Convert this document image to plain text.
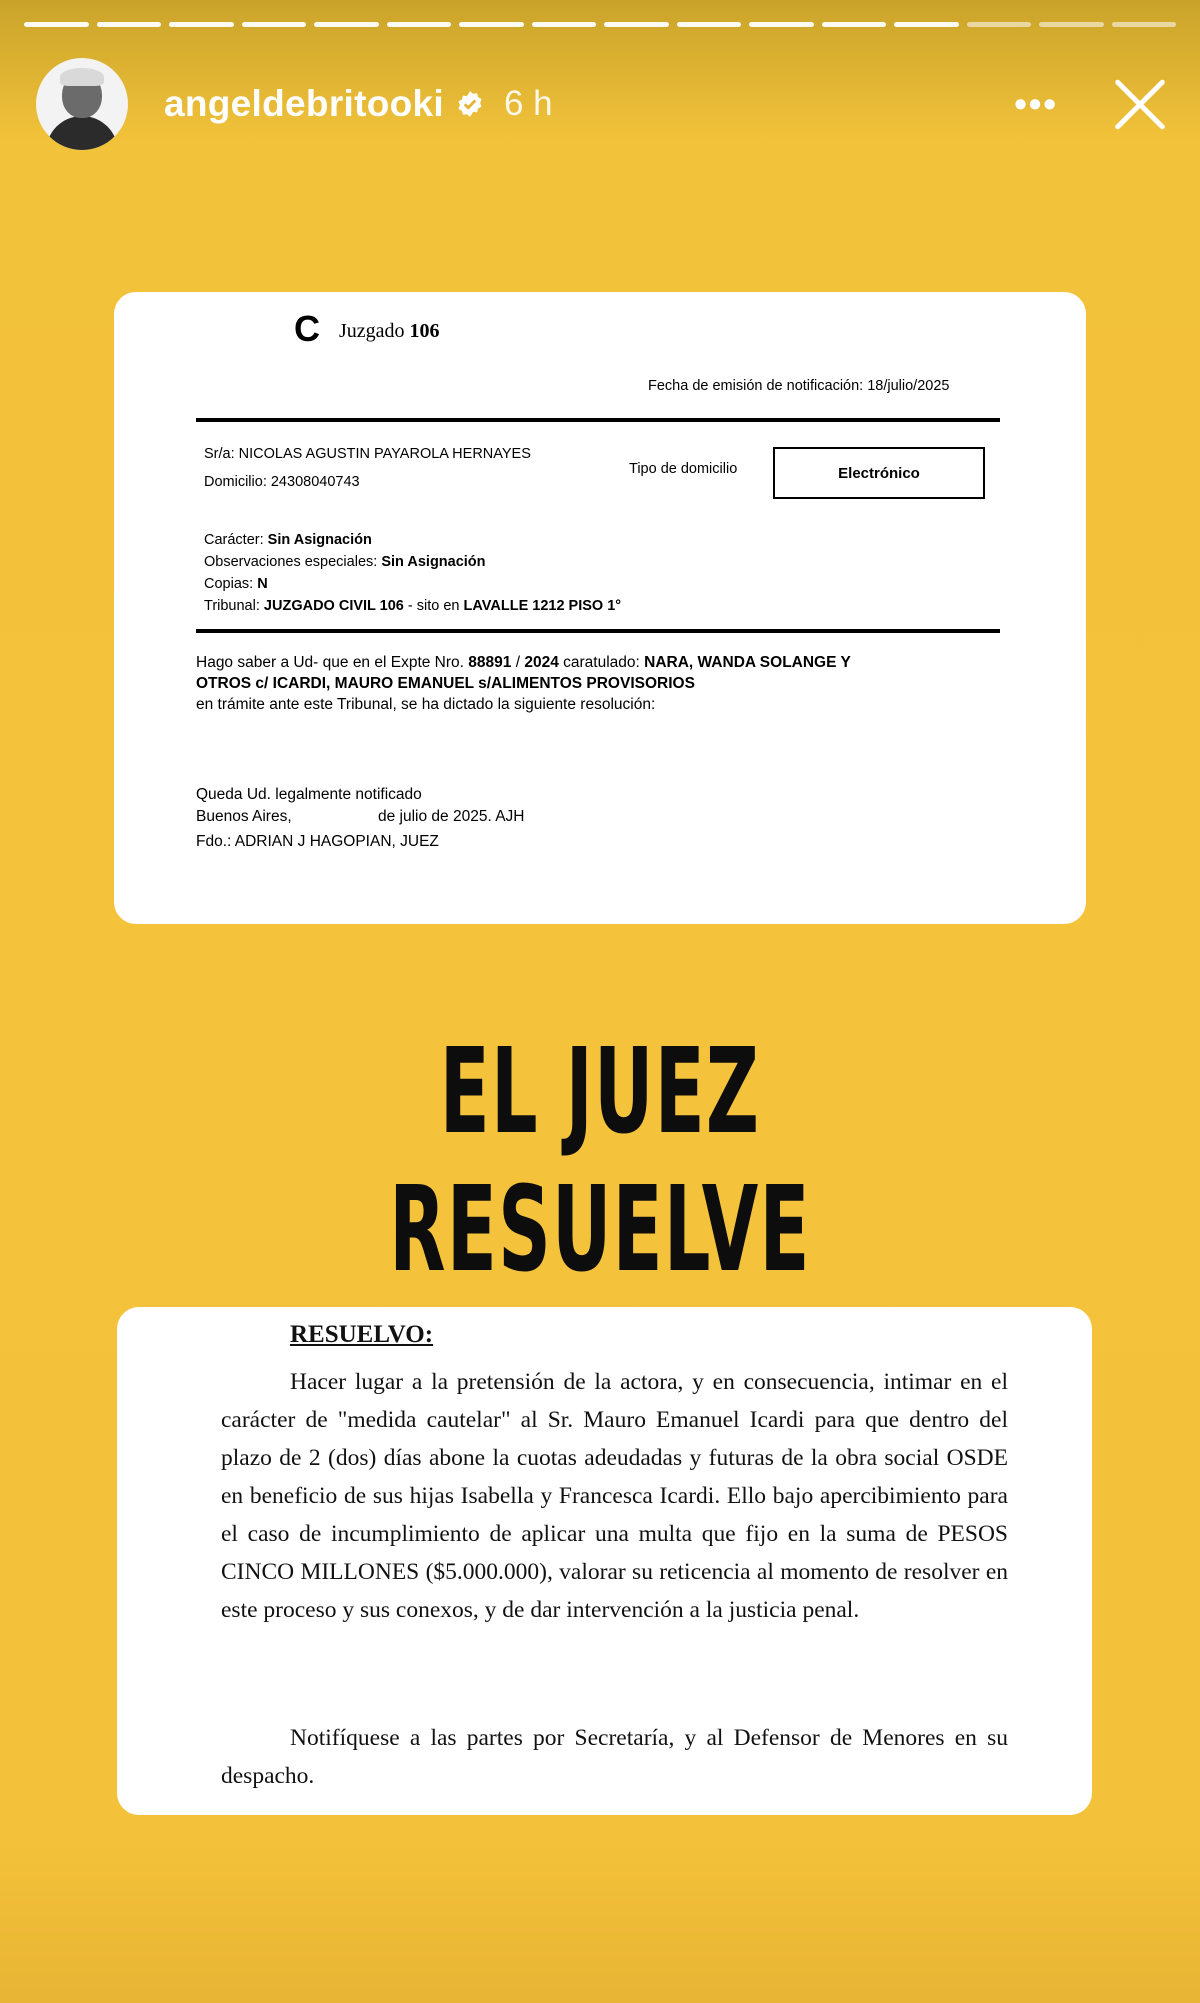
angeldebritooki 6 h	•••
C Juzgado 106
Fecha de emisión de notificación: 18/julio/2025
Sr/a: NICOLAS AGUSTIN PAYAROLA HERNAYES
Domicilio: 24308040743
Tipo de domicilio	Electrónico
Carácter: Sin Asignación
Observaciones especiales: Sin Asignación
Copias: N
Tribunal: JUZGADO CIVIL 106 - sito en LAVALLE 1212 PISO 1°
Hago saber a Ud- que en el Expte Nro. 88891 / 2024 caratulado: NARA, WANDA SOLANGE Y
OTROS c/ ICARDI, MAURO EMANUEL s/ALIMENTOS PROVISORIOS
en trámite ante este Tribunal, se ha dictado la siguiente resolución:
Queda Ud. legalmente notificado
Buenos Aires,	de julio de 2025. AJH
Fdo.: ADRIAN J HAGOPIAN, JUEZ
EL JUEZ RESUELVE
RESUELVO:
Hacer lugar a la pretensión de la actora, y en consecuencia, intimar en el carácter de "medida cautelar" al Sr. Mauro Emanuel Icardi para que dentro del plazo de 2 (dos) días abone la cuotas adeudadas y futuras de la obra social OSDE en beneficio de sus hijas Isabella y Francesca Icardi. Ello bajo apercibimiento para el caso de incumplimiento de aplicar una multa que fijo en la suma de PESOS CINCO MILLONES ($5.000.000), valorar su reticencia al momento de resolver en este proceso y sus conexos, y de dar intervención a la justicia penal.
Notifíquese a las partes por Secretaría, y al Defensor de Menores en su despacho.
